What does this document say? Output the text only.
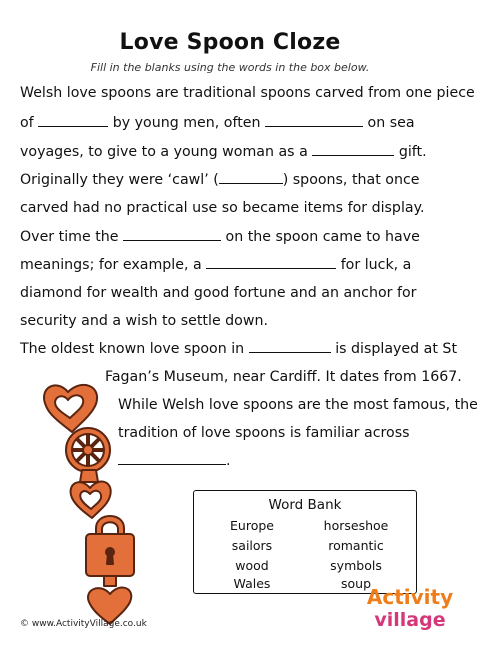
Love Spoon Cloze
Fill in the blanks using the words in the box below.
Welsh love spoons are traditional spoons carved from one piece
of	by young men, often	on sea
voyages, to give to a young woman as a	gift.
Originally they were ‘cawl’ (	) spoons, that once
carved had no practical use so became items for display.
Over time the	on the spoon came to have
meanings; for example, a	for luck, a
diamond for wealth and good fortune and an anchor for
security and a wish to settle down.
The oldest known love spoon in	is displayed at St
Fagan’s Museum, near Cardiff. It dates from 1667.
While Welsh love spoons are the most famous, the
tradition of love spoons is familiar across
.
Word Bank
Europe	horseshoe
sailors	romantic
wood	symbols
Wales	soup
© www.ActivityVillage.co.uk
Activity
village
